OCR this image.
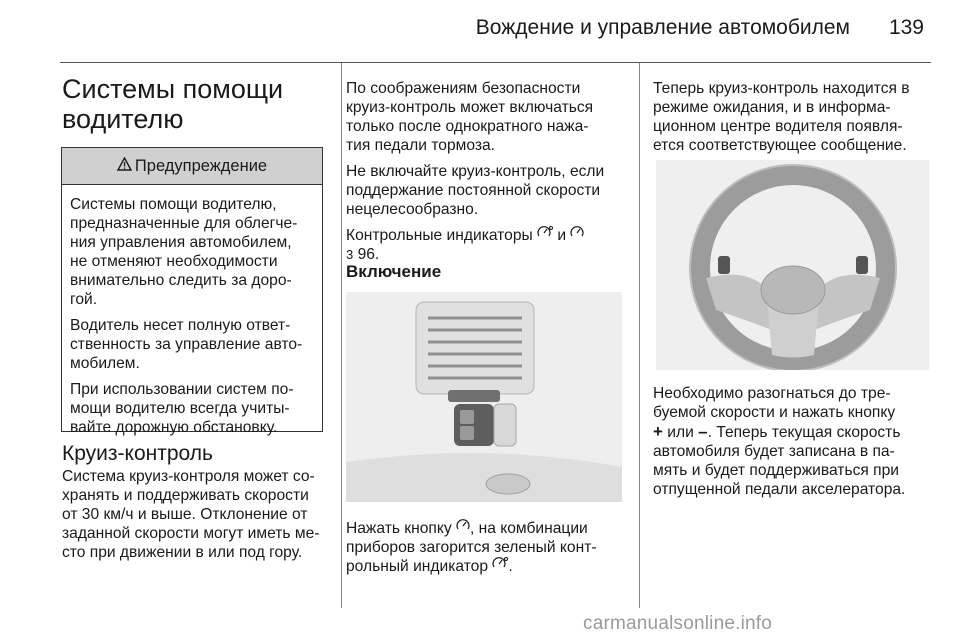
Вождение и управление автомобилем	139
Системы помощи
водителю
Предупреждение

Системы помощи водителю,
предназначенные для облегче-
ния управления автомобилем,
не отменяют необходимости
внимательно следить за доро-
гой.

Водитель несет полную ответ-
ственность за управление авто-
мобилем.

При использовании систем по-
мощи водителю всегда учиты-
вайте дорожную обстановку.

Круиз-контроль
Система круиз-контроля может со-
хранять и поддерживать скорости
от 30 км/ч и выше. Отклонение от
заданной скорости могут иметь ме-
сто при движении в или под гору.

По соображениям безопасности
круиз-контроль может включаться
только после однократного нажа-
тия педали тормоза.

Не включайте круиз-контроль, если
поддержание постоянной скорости
нецелесообразно.

Контрольные индикаторы и
3 96.

Включение
Нажать кнопку , на комбинации
приборов загорится зеленый конт-
рольный индикатор .
Теперь круиз-контроль находится в
режиме ожидания, и в информа-
ционном центре водителя появля-
ется соответствующее сообщение.
Необходимо разогнаться до тре-
буемой скорости и нажать кнопку
+ или –. Теперь текущая скорость
автомобиля будет записана в па-
мять и будет поддерживаться при
отпущенной педали акселератора.
carmanualsonline.info
